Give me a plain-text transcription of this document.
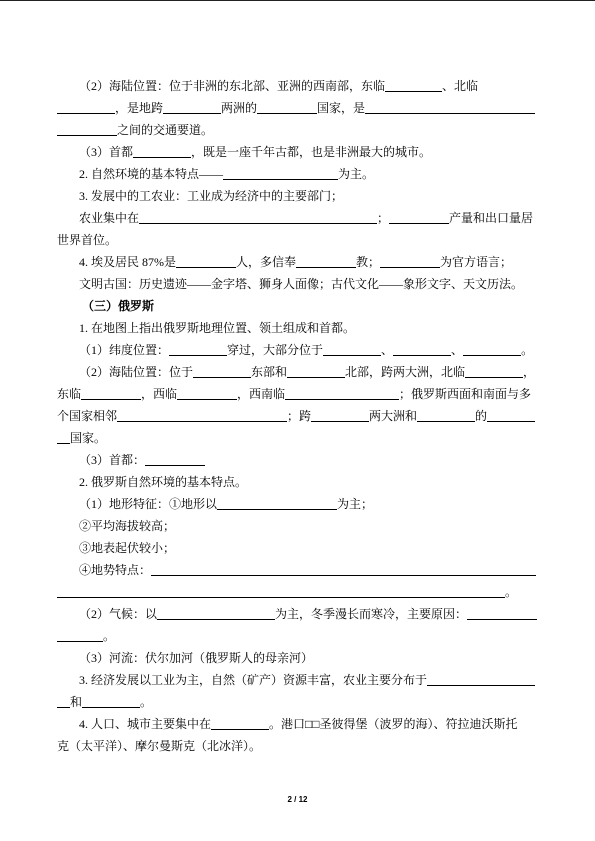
（2）海陆位置：位于非洲的东北部、亚洲的西南部，东临	、北临
，是地跨	两洲的	国家，是
之间的交通要道。
（3）首都	，既是一座千年古都，也是非洲最大的城市。
2. 自然环境的基本特点——	为主。
3. 发展中的工农业：工业成为经济中的主要部门；
农业集中在	；	产量和出口量居
世界首位。
4. 埃及居民 87%是	人，多信奉	教；	为官方语言；
文明古国：历史遗迹——金字塔、狮身人面像；古代文化——象形文字、天文历法。
（三）俄罗斯
1. 在地图上指出俄罗斯地理位置、领土组成和首都。
（1）纬度位置：	穿过，大部分位于	、	、	。
（2）海陆位置：位于	东部和	北部，跨两大洲，北临	，
东临	，西临	，西南临	；俄罗斯西面和南面与多
个国家相邻	；跨	两大洲和	的
国家。
（3）首都：
2. 俄罗斯自然环境的基本特点。
（1）地形特征：①地形以	为主；
②平均海拔较高；
③地表起伏较小；
④地势特点：
。
（2）气候：以	为主，冬季漫长而寒冷，主要原因：
。
（3）河流：伏尔加河（俄罗斯人的母亲河）
3. 经济发展以工业为主，自然（矿产）资源丰富，农业主要分布于
和	。
4. 人口、城市主要集中在	。港口□□圣彼得堡（波罗的海）、符拉迪沃斯托
克（太平洋）、摩尔曼斯克（北冰洋）。
2 / 12
